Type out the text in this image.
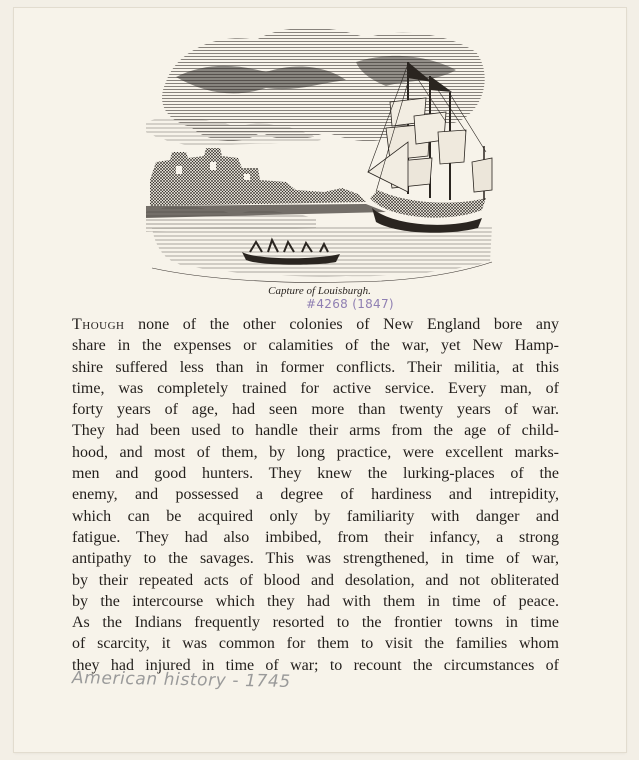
Capture of Louisburgh.
#4268 (1847)
Though none of the other colonies of New England bore any
share in the expenses or calamities of the war, yet New Hamp-
shire suffered less than in former conflicts. Their militia, at this
time, was completely trained for active service. Every man, of
forty years of age, had seen more than twenty years of war.
They had been used to handle their arms from the age of child-
hood, and most of them, by long practice, were excellent marks-
men and good hunters. They knew the lurking-places of the
enemy, and possessed a degree of hardiness and intrepidity,
which can be acquired only by familiarity with danger and
fatigue. They had also imbibed, from their infancy, a strong
antipathy to the savages. This was strengthened, in time of war,
by their repeated acts of blood and desolation, and not obliterated
by the intercourse which they had with them in time of peace.
As the Indians frequently resorted to the frontier towns in time
of scarcity, it was common for them to visit the families whom
they had injured in time of war; to recount the circumstances of
American history - 1745
